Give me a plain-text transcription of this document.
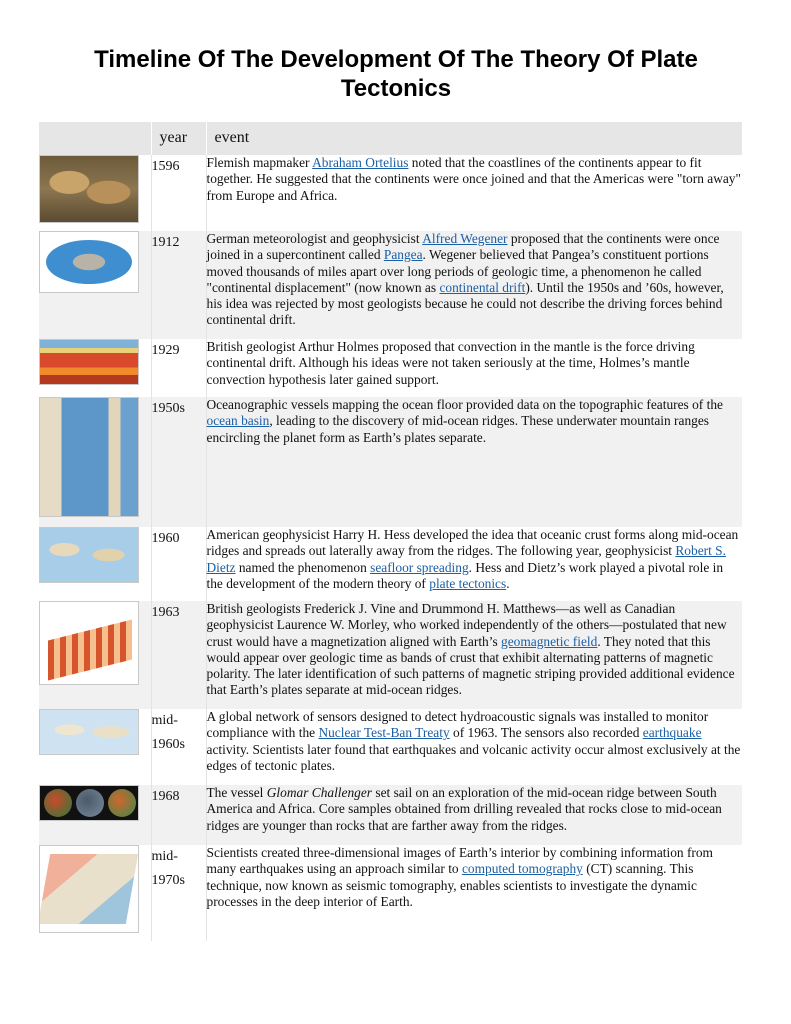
Timeline Of The Development Of The Theory Of Plate Tectonics
	year	event

	1596	Flemish mapmaker Abraham Ortelius noted that the coastlines of the continents appear to fit together. He suggested that the continents were once joined and that the Americas were "torn away" from Europe and Africa.

	1912	German meteorologist and geophysicist Alfred Wegener proposed that the continents were once joined in a supercontinent called Pangea. Wegener believed that Pangea’s constituent portions moved thousands of miles apart over long periods of geologic time, a phenomenon he called "continental displacement" (now known as continental drift). Until the 1950s and ’60s, however, his idea was rejected by most geologists because he could not describe the driving forces behind continental drift.

	1929	British geologist Arthur Holmes proposed that convection in the mantle is the force driving continental drift. Although his ideas were not taken seriously at the time, Holmes’s mantle convection hypothesis later gained support.

	1950s	Oceanographic vessels mapping the ocean floor provided data on the topographic features of the ocean basin, leading to the discovery of mid-ocean ridges. These underwater mountain ranges encircling the planet form as Earth’s plates separate.

	1960	American geophysicist Harry H. Hess developed the idea that oceanic crust forms along mid-ocean ridges and spreads out laterally away from the ridges. The following year, geophysicist Robert S. Dietz named the phenomenon seafloor spreading. Hess and Dietz’s work played a pivotal role in the development of the modern theory of plate tectonics.

	1963	British geologists Frederick J. Vine and Drummond H. Matthews—as well as Canadian geophysicist Laurence W. Morley, who worked independently of the others—postulated that new crust would have a magnetization aligned with Earth’s geomagnetic field. They noted that this would appear over geologic time as bands of crust that exhibit alternating patterns of magnetic polarity. The later identification of such patterns of magnetic striping provided additional evidence that Earth’s plates separate at mid-ocean ridges.

	mid-
1960s	A global network of sensors designed to detect hydroacoustic signals was installed to monitor compliance with the Nuclear Test-Ban Treaty of 1963. The sensors also recorded earthquake activity. Scientists later found that earthquakes and volcanic activity occur almost exclusively at the edges of tectonic plates.

	1968	The vessel Glomar Challenger set sail on an exploration of the mid-ocean ridge between South America and Africa. Core samples obtained from drilling revealed that rocks close to mid-ocean ridges are younger than rocks that are farther away from the ridges.

	mid-
1970s	Scientists created three-dimensional images of Earth’s interior by combining information from many earthquakes using an approach similar to computed tomography (CT) scanning. This technique, now known as seismic tomography, enables scientists to investigate the dynamic processes in the deep interior of Earth.
